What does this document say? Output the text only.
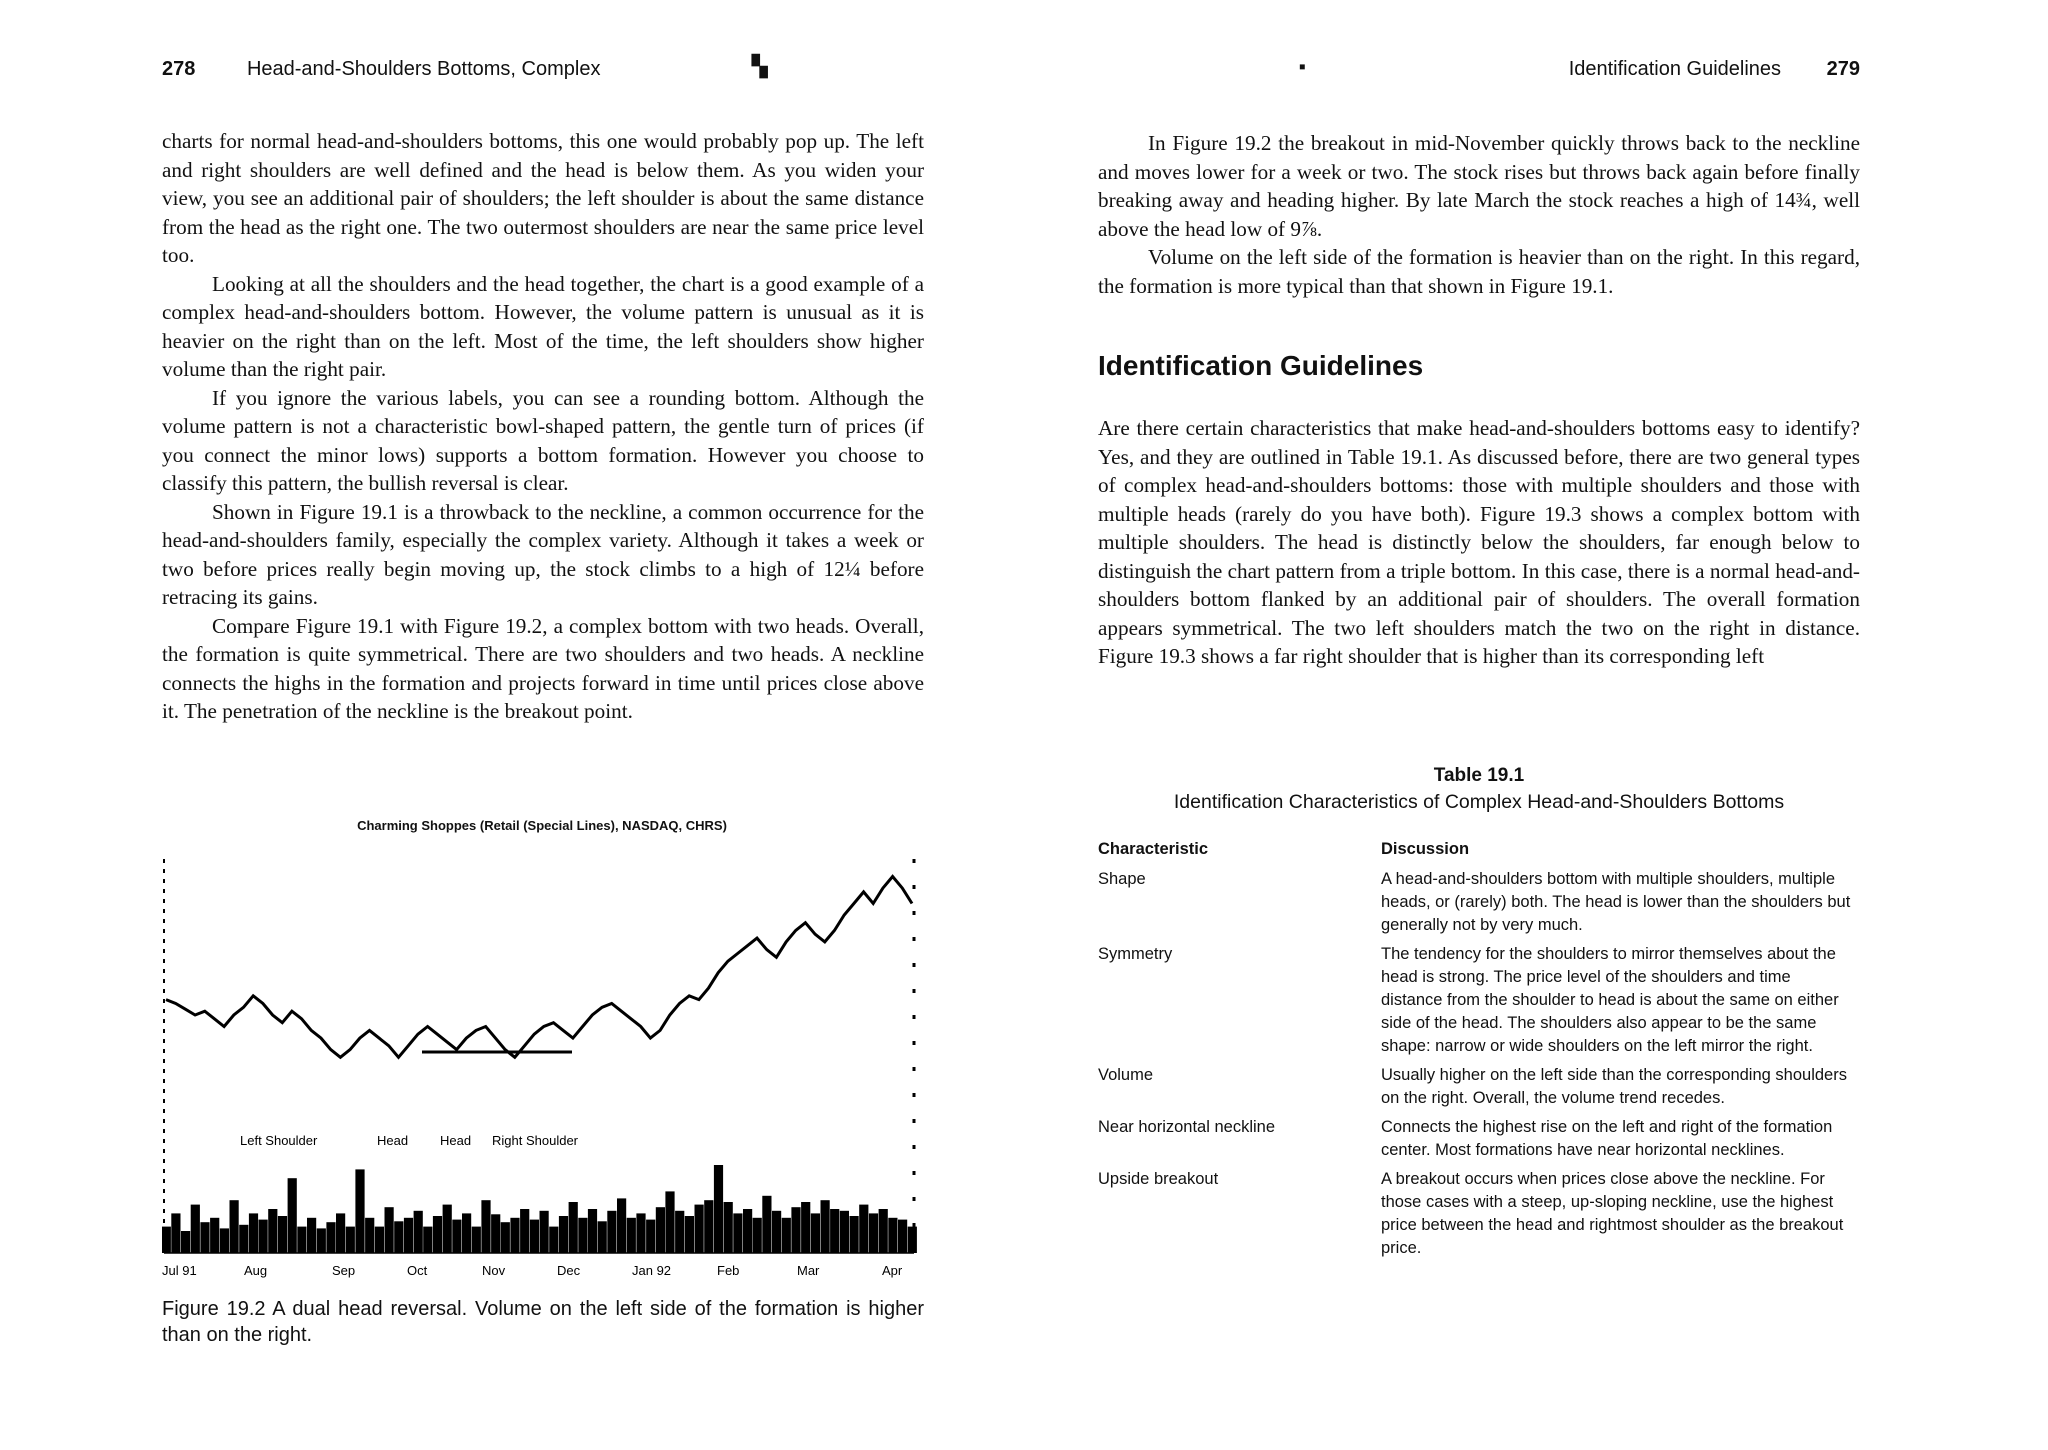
278	Head-and-Shoulders Bottoms, Complex	▚

charts for normal head-and-shoulders bottoms, this one would probably pop up. The left and right shoulders are well defined and the head is below them. As you widen your view, you see an additional pair of shoulders; the left shoulder is about the same distance from the head as the right one. The two outermost shoulders are near the same price level too.

Looking at all the shoulders and the head together, the chart is a good example of a complex head-and-shoulders bottom. However, the volume pattern is unusual as it is heavier on the right than on the left. Most of the time, the left shoulders show higher volume than the right pair.

If you ignore the various labels, you can see a rounding bottom. Although the volume pattern is not a characteristic bowl-shaped pattern, the gentle turn of prices (if you connect the minor lows) supports a bottom formation. However you choose to classify this pattern, the bullish reversal is clear.

Shown in Figure 19.1 is a throwback to the neckline, a common occurrence for the head-and-shoulders family, especially the complex variety. Although it takes a week or two before prices really begin moving up, the stock climbs to a high of 12¼ before retracing its gains.

Compare Figure 19.1 with Figure 19.2, a complex bottom with two heads. Overall, the formation is quite symmetrical. There are two shoulders and two heads. A neckline connects the highs in the formation and projects forward in time until prices close above it. The penetration of the neckline is the breakout point.

Charming Shoppes (Retail (Special Lines), NASDAQ, CHRS)
Left Shoulder	Head Head Right Shoulder
Jul 91	Aug	Sep	Oct	Nov	Dec	Jan 92	Feb	Mar	Apr
Figure 19.2 A dual head reversal. Volume on the left side of the formation is higher than on the right.
▪	Identification Guidelines 279

In Figure 19.2 the breakout in mid-November quickly throws back to the neckline and moves lower for a week or two. The stock rises but throws back again before finally breaking away and heading higher. By late March the stock reaches a high of 14¾, well above the head low of 9⅞.

Volume on the left side of the formation is heavier than on the right. In this regard, the formation is more typical than that shown in Figure 19.1.

Identification Guidelines

Are there certain characteristics that make head-and-shoulders bottoms easy to identify? Yes, and they are outlined in Table 19.1. As discussed before, there are two general types of complex head-and-shoulders bottoms: those with multiple shoulders and those with multiple heads (rarely do you have both). Figure 19.3 shows a complex bottom with multiple shoulders. The head is distinctly below the shoulders, far enough below to distinguish the chart pattern from a triple bottom. In this case, there is a normal head-and-shoulders bottom flanked by an additional pair of shoulders. The overall formation appears symmetrical. The two left shoulders match the two on the right in distance. Figure 19.3 shows a far right shoulder that is higher than its corresponding left

Table 19.1
Identification Characteristics of Complex Head-and-Shoulders Bottoms
Characteristic	Discussion
Shape	A head-and-shoulders bottom with multiple shoulders, multiple heads, or (rarely) both. The head is lower than the shoulders but generally not by very much.
Symmetry	The tendency for the shoulders to mirror themselves about the head is strong. The price level of the shoulders and time distance from the shoulder to head is about the same on either side of the head. The shoulders also appear to be the same shape: narrow or wide shoulders on the left mirror the right.
Volume	Usually higher on the left side than the corresponding shoulders on the right. Overall, the volume trend recedes.
Near horizontal neckline	Connects the highest rise on the left and right of the formation center. Most formations have near horizontal necklines.
Upside breakout	A breakout occurs when prices close above the neckline. For those cases with a steep, up-sloping neckline, use the highest price between the head and rightmost shoulder as the breakout price.
